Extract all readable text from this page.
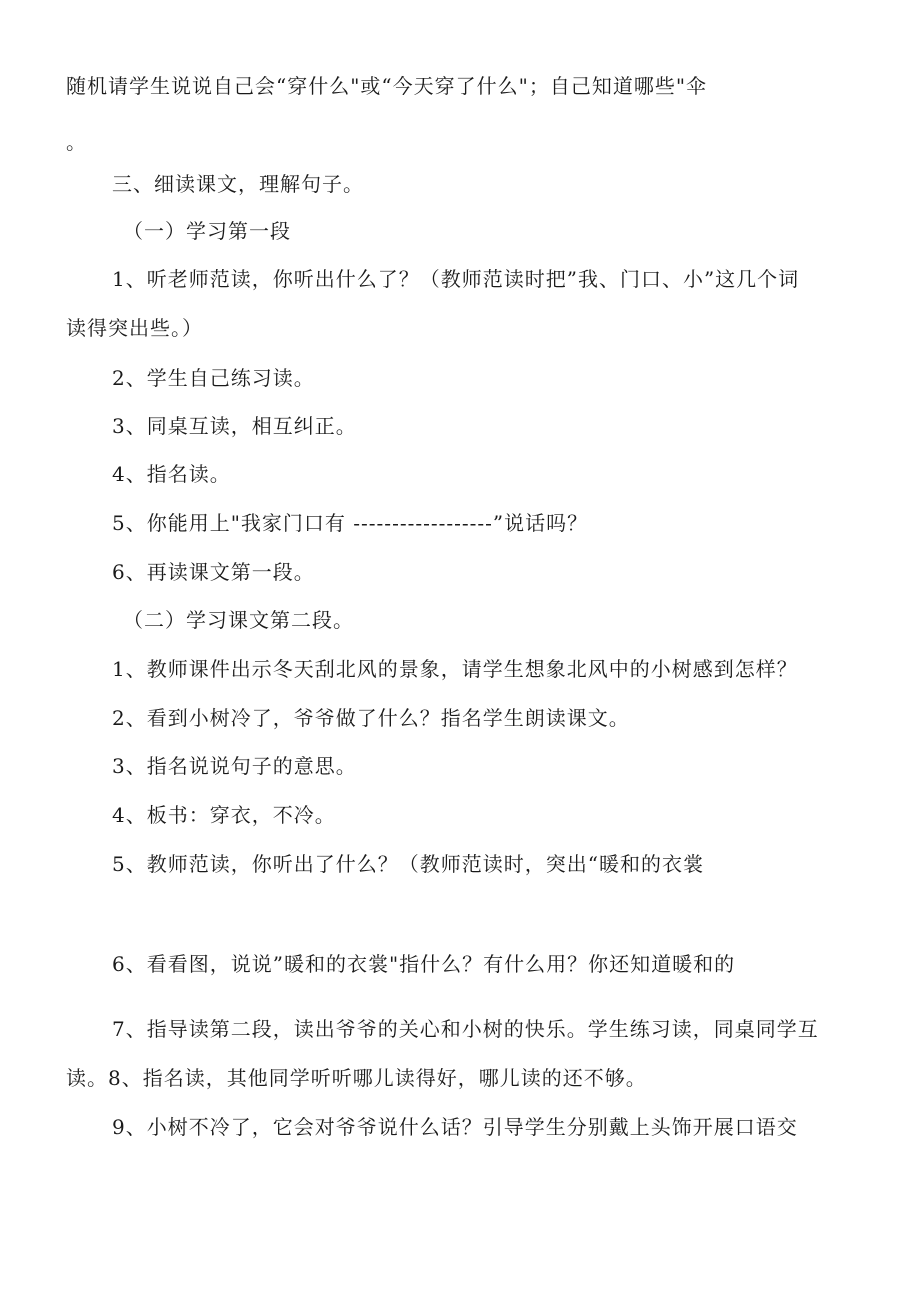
随机请学生说说自己会“穿什么"或“今天穿了什么"；自己知道哪些"伞
。
三、细读课文，理解句子。
（一）学习第一段
1、听老师范读，你听出什么了？（教师范读时把”我、门口、小”这几个词
读得突出些。）
2、学生自己练习读。
3、同桌互读，相互纠正。
4、指名读。
5、你能用上"我家门口有 ------------------”说话吗？
6、再读课文第一段。
（二）学习课文第二段。
1、教师课件出示冬天刮北风的景象，请学生想象北风中的小树感到怎样？
2、看到小树冷了，爷爷做了什么？指名学生朗读课文。
3、指名说说句子的意思。
4、板书：穿衣，不冷。
5、教师范读，你听出了什么？（教师范读时，突出“暖和的衣裳
6、看看图，说说”暖和的衣裳"指什么？有什么用？你还知道暖和的
7、指导读第二段，读出爷爷的关心和小树的快乐。学生练习读，同桌同学互
读。8、指名读，其他同学听听哪儿读得好，哪儿读的还不够。
9、小树不冷了，它会对爷爷说什么话？引导学生分别戴上头饰开展口语交
